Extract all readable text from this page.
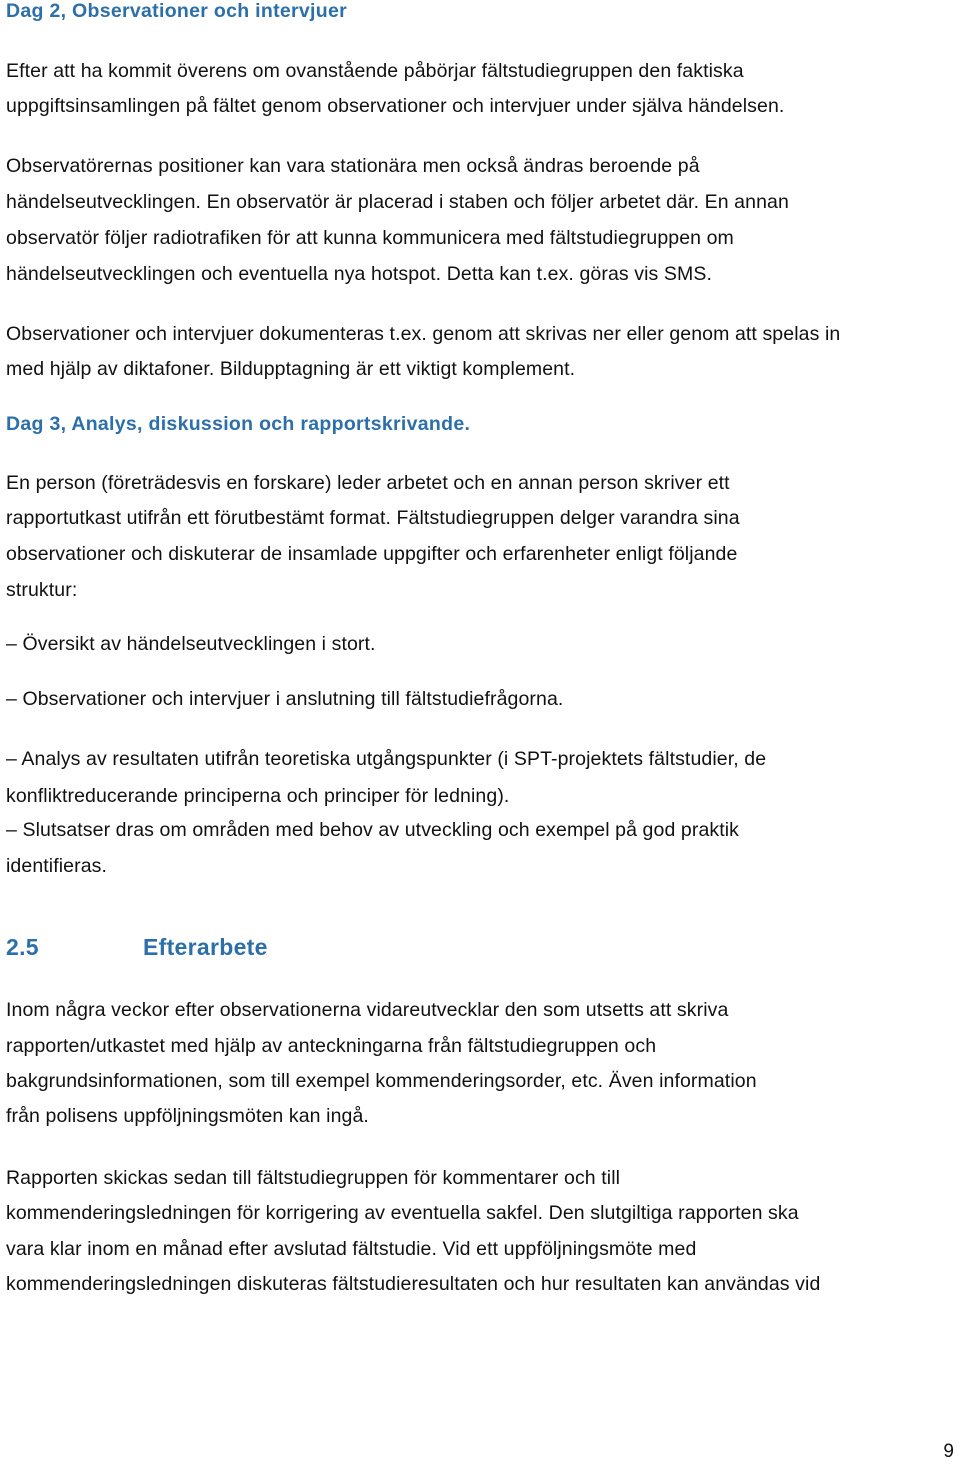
Dag 2, Observationer och intervjuer
Efter att ha kommit överens om ovanstående påbörjar fältstudiegruppen den faktiska
uppgiftsinsamlingen på fältet genom observationer och intervjuer under själva händelsen.
Observatörernas positioner kan vara stationära men också ändras beroende på
händelseutvecklingen. En observatör är placerad i staben och följer arbetet där. En annan
observatör följer radiotrafiken för att kunna kommunicera med fältstudiegruppen om
händelseutvecklingen och eventuella nya hotspot. Detta kan t.ex. göras vis SMS.
Observationer och intervjuer dokumenteras t.ex. genom att skrivas ner eller genom att spelas in
med hjälp av diktafoner. Bildupptagning är ett viktigt komplement.
Dag 3, Analys, diskussion och rapportskrivande.
En person (företrädesvis en forskare) leder arbetet och en annan person skriver ett
rapportutkast utifrån ett förutbestämt format. Fältstudiegruppen delger varandra sina
observationer och diskuterar de insamlade uppgifter och erfarenheter enligt följande
struktur:
– Översikt av händelseutvecklingen i stort.
– Observationer och intervjuer i anslutning till fältstudiefrågorna.
– Analys av resultaten utifrån teoretiska utgångspunkter (i SPT-projektets fältstudier, de
konfliktreducerande principerna och principer för ledning).
– Slutsatser dras om områden med behov av utveckling och exempel på god praktik
identifieras.
2.5	Efterarbete
Inom några veckor efter observationerna vidareutvecklar den som utsetts att skriva
rapporten/utkastet med hjälp av anteckningarna från fältstudiegruppen och
bakgrundsinformationen, som till exempel kommenderingsorder, etc. Även information
från polisens uppföljningsmöten kan ingå.
Rapporten skickas sedan till fältstudiegruppen för kommentarer och till
kommenderingsledningen för korrigering av eventuella sakfel. Den slutgiltiga rapporten ska
vara klar inom en månad efter avslutad fältstudie. Vid ett uppföljningsmöte med
kommenderingsledningen diskuteras fältstudieresultaten och hur resultaten kan användas vid
9
